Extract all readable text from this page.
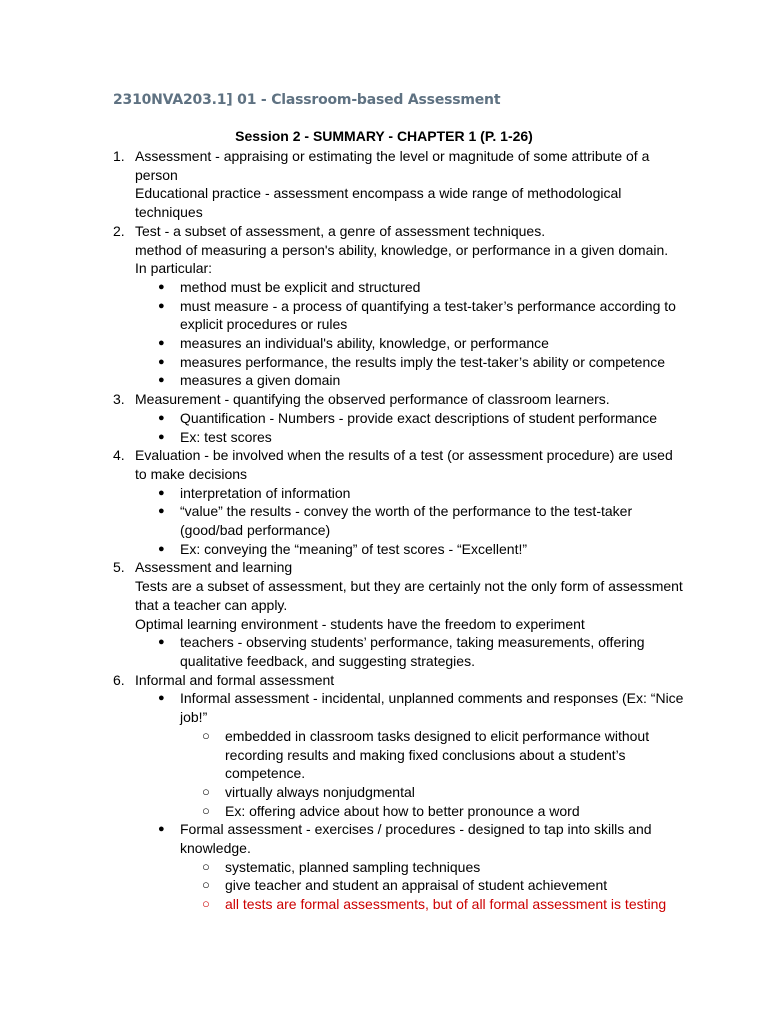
2310NVA203.1] 01 - Classroom-based Assessment
Session 2 - SUMMARY - CHAPTER 1 (P. 1-26)
1. Assessment - appraising or estimating the level or magnitude of some attribute of a
person
Educational practice - assessment encompass a wide range of methodological
techniques
2. Test - a subset of assessment, a genre of assessment techniques.
method of measuring a person's ability, knowledge, or performance in a given domain.
In particular:
● method must be explicit and structured
● must measure - a process of quantifying a test-taker’s performance according to
explicit procedures or rules
● measures an individual's ability, knowledge, or performance
● measures performance, the results imply the test-taker’s ability or competence
● measures a given domain
3. Measurement - quantifying the observed performance of classroom learners.
● Quantification - Numbers - provide exact descriptions of student performance
● Ex: test scores
4. Evaluation - be involved when the results of a test (or assessment procedure) are used
to make decisions
● interpretation of information
● “value” the results - convey the worth of the performance to the test-taker
(good/bad performance)
● Ex: conveying the “meaning” of test scores - “Excellent!”
5. Assessment and learning
Tests are a subset of assessment, but they are certainly not the only form of assessment
that a teacher can apply.
Optimal learning environment - students have the freedom to experiment
● teachers - observing students’ performance, taking measurements, offering
qualitative feedback, and suggesting strategies.
6. Informal and formal assessment
● Informal assessment - incidental, unplanned comments and responses (Ex: “Nice
job!”
○ embedded in classroom tasks designed to elicit performance without
recording results and making fixed conclusions about a student’s
competence.
○ virtually always nonjudgmental
○ Ex: offering advice about how to better pronounce a word
● Formal assessment - exercises / procedures - designed to tap into skills and
knowledge.
○ systematic, planned sampling techniques
○ give teacher and student an appraisal of student achievement
○ all tests are formal assessments, but of all formal assessment is testing
